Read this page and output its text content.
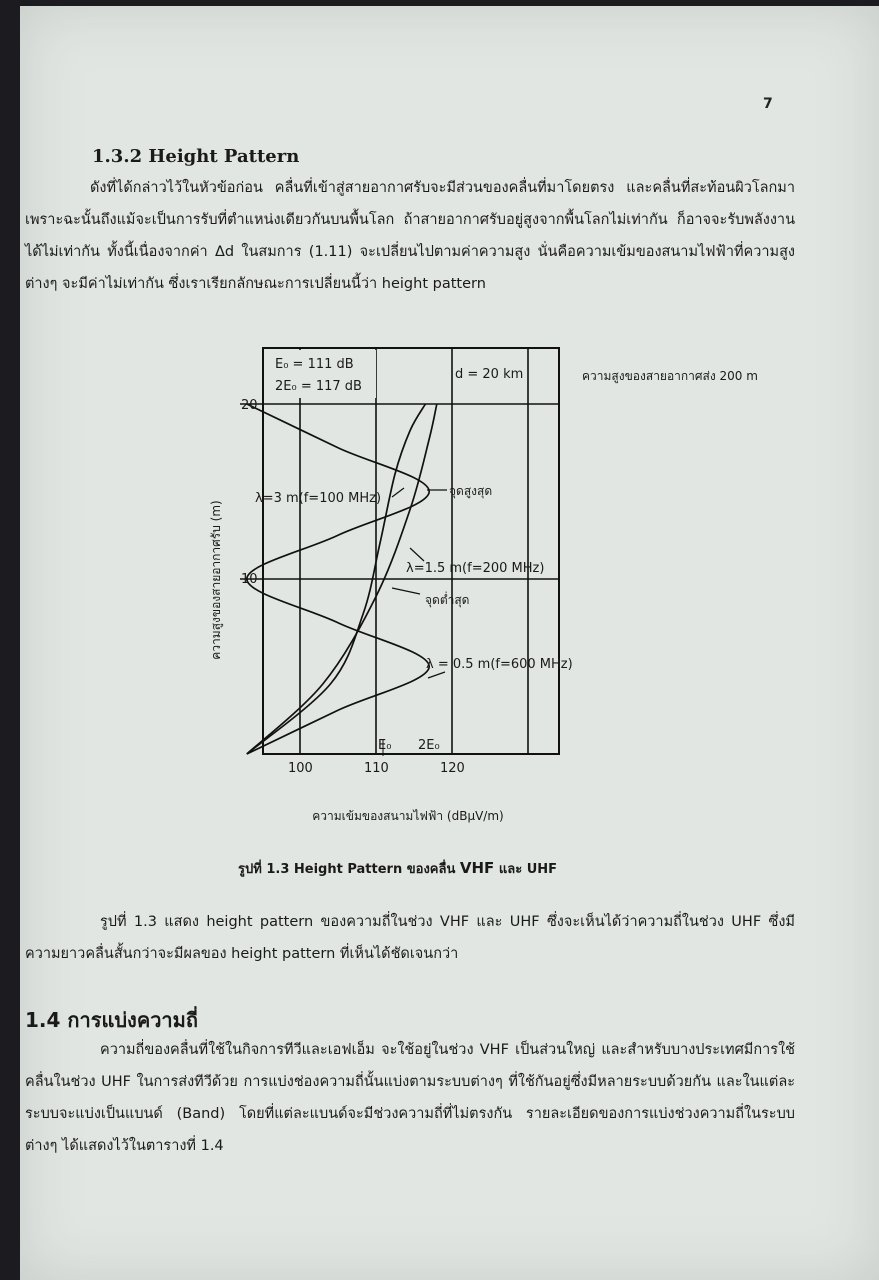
7
1.3.2 Height Pattern
ดังที่ได้กล่าวไว้ในหัวข้อก่อน คลื่นที่เข้าสู่สายอากาศรับจะมีส่วนของคลื่นที่มาโดยตรง และคลื่นที่สะท้อนผิวโลกมา เพราะฉะนั้นถึงแม้จะเป็นการรับที่ตำแหน่งเดียวกันบนพื้นโลก ถ้าสายอากาศรับอยู่สูงจากพื้นโลกไม่เท่ากัน ก็อาจจะรับพลังงานได้ไม่เท่ากัน ทั้งนี้เนื่องจากค่า Δd ในสมการ (1.11) จะเปลี่ยนไปตามค่าความสูง นั่นคือความเข้มของสนามไฟฟ้าที่ความสูงต่างๆ จะมีค่าไม่เท่ากัน ซึ่งเราเรียกลักษณะการเปลี่ยนนี้ว่า height pattern
E₀ = 111 dB
2E₀ = 117 dB
d = 20 km	ความสูงของสายอากาศส่ง 200 m
20
10
100	110	120
E₀ 2E₀
ความสูงของสายอากาศรับ (m)
ความเข้มของสนามไฟฟ้า (dBμV/m)
λ=3 m(f=100 MHz)	จุดสูงสุด
λ=1.5 m(f=200 MHz)
จุดต่ำสุด
λ = 0.5 m(f=600 MHz)
รูปที่ 1.3 Height Pattern ของคลื่น VHF และ UHF
รูปที่ 1.3 แสดง height pattern ของความถี่ในช่วง VHF และ UHF ซึ่งจะเห็นได้ว่าความถี่ในช่วง UHF ซึ่งมีความยาวคลื่นสั้นกว่าจะมีผลของ height pattern ที่เห็นได้ชัดเจนกว่า
1.4 การแบ่งความถี่
ความถี่ของคลื่นที่ใช้ในกิจการทีวีและเอฟเอ็ม จะใช้อยู่ในช่วง VHF เป็นส่วนใหญ่ และสำหรับบางประเทศมีการใช้คลื่นในช่วง UHF ในการส่งทีวีด้วย การแบ่งช่องความถี่นั้นแบ่งตามระบบต่างๆ ที่ใช้กันอยู่ซึ่งมีหลายระบบด้วยกัน และในแต่ละระบบจะแบ่งเป็นแบนด์ (Band) โดยที่แต่ละแบนด์จะมีช่วงความถี่ที่ไม่ตรงกัน รายละเอียดของการแบ่งช่วงความถี่ในระบบต่างๆ ได้แสดงไว้ในตารางที่ 1.4
